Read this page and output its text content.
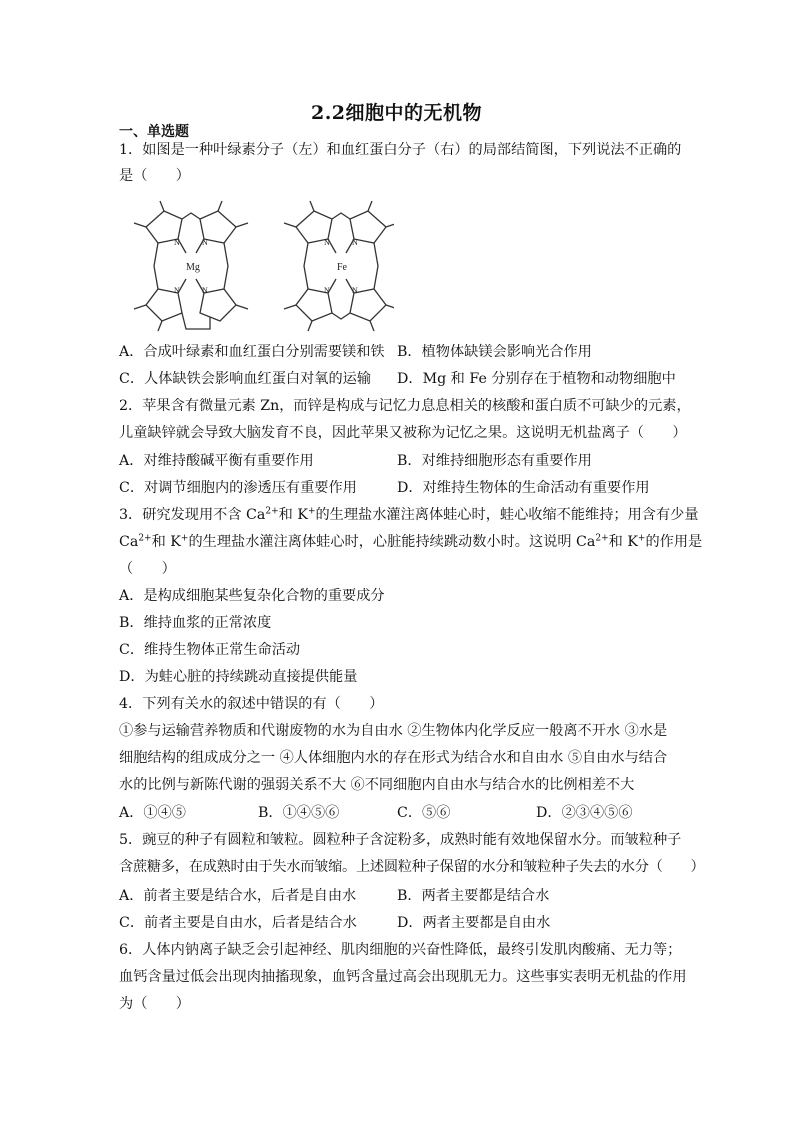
2.2细胞中的无机物
一、单选题
1．如图是一种叶绿素分子（左）和血红蛋白分子（右）的局部结简图，下列说法不正确的
是（　　）
Mg
N	N
N	N
Fe
N	N
N	N
A．合成叶绿素和血红蛋白分别需要镁和铁 B．植物体缺镁会影响光合作用
C．人体缺铁会影响血红蛋白对氧的运输 D．Mg 和 Fe 分别存在于植物和动物细胞中
2．苹果含有微量元素 Zn，而锌是构成与记忆力息息相关的核酸和蛋白质不可缺少的元素，
儿童缺锌就会导致大脑发育不良，因此苹果又被称为记忆之果。这说明无机盐离子（　　）
A．对维持酸碱平衡有重要作用	B．对维持细胞形态有重要作用
C．对调节细胞内的渗透压有重要作用	D．对维持生物体的生命活动有重要作用
3．研究发现用不含 $Ca^{2+}$和 K+的生理盐水灌注离体蛙心时，蛙心收缩不能维持；用含有少量
$Ca^{2+}$和 K+的生理盐水灌注离体蛙心时，心脏能持续跳动数小时。这说明 $Ca^{2+}$和 K+的作用是
（　　）
A．是构成细胞某些复杂化合物的重要成分
B．维持血浆的正常浓度
C．维持生物体正常生命活动
D．为蛙心脏的持续跳动直接提供能量
4．下列有关水的叙述中错误的有（　　）
①参与运输营养物质和代谢废物的水为自由水 ②生物体内化学反应一般离不开水 ③水是
细胞结构的组成成分之一 ④人体细胞内水的存在形式为结合水和自由水 ⑤自由水与结合
水的比例与新陈代谢的强弱关系不大 ⑥不同细胞内自由水与结合水的比例相差不大
A．①④⑤	B．①④⑤⑥	C．⑤⑥	D．②③④⑤⑥
5．豌豆的种子有圆粒和皱粒。圆粒种子含淀粉多，成熟时能有效地保留水分。而皱粒种子
含蔗糖多，在成熟时由于失水而皱缩。上述圆粒种子保留的水分和皱粒种子失去的水分（　　）
A．前者主要是结合水，后者是自由水	B．两者主要都是结合水
C．前者主要是自由水，后者是结合水	D．两者主要都是自由水
6．人体内钠离子缺乏会引起神经、肌肉细胞的兴奋性降低，最终引发肌肉酸痛、无力等；
血钙含量过低会出现肉抽搐现象，血钙含量过高会出现肌无力。这些事实表明无机盐的作用
为（　　）
